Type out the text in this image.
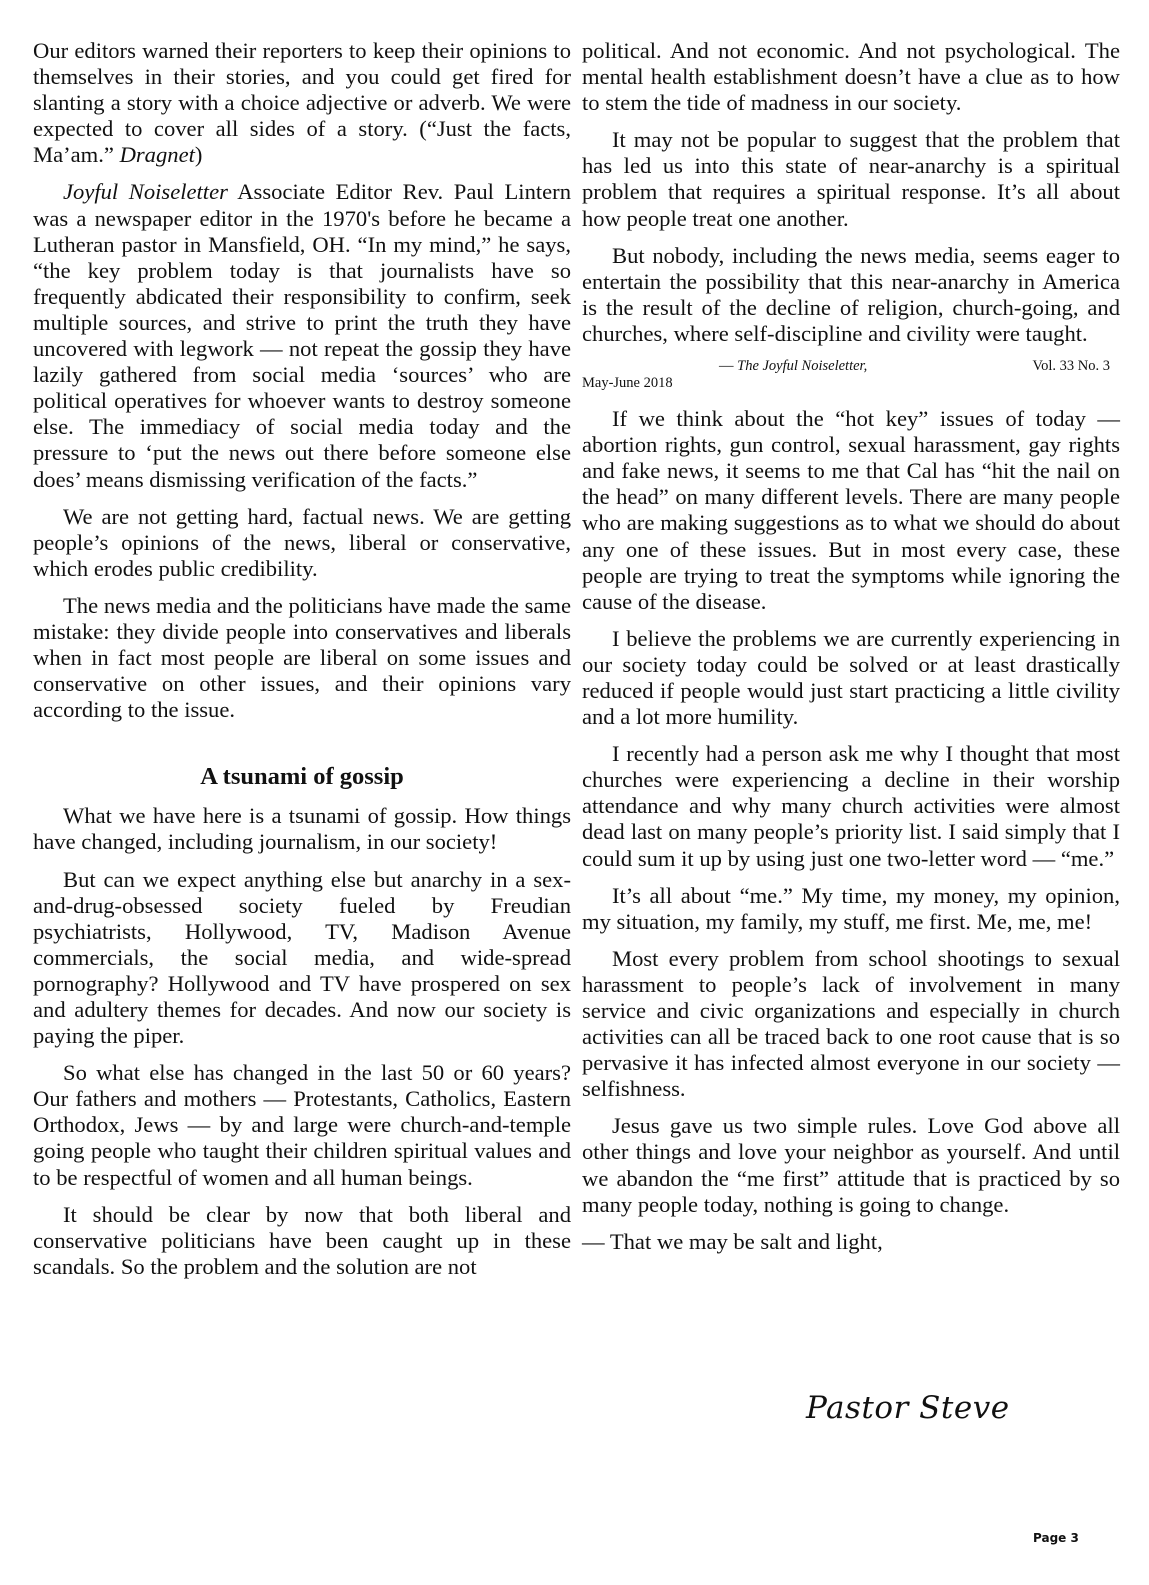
Our editors warned their reporters to keep their opinions to themselves in their stories, and you could get fired for slanting a story with a choice adjective or adverb. We were expected to cover all sides of a story. (“Just the facts, Ma’am.” Dragnet)

Joyful Noiseletter Associate Editor Rev. Paul Lintern was a newspaper editor in the 1970's before he became a Lutheran pastor in Mansfield, OH. “In my mind,” he says, “the key problem today is that journalists have so frequently abdicated their responsibility to confirm, seek multiple sources, and strive to print the truth they have uncovered with legwork — not repeat the gossip they have lazily gathered from social media ‘sources’ who are political operatives for whoever wants to destroy someone else. The immediacy of social media today and the pressure to ‘put the news out there before someone else does’ means dismissing verification of the facts.”

We are not getting hard, factual news. We are getting people’s opinions of the news, liberal or conservative, which erodes public credibility.

The news media and the politicians have made the same mistake: they divide people into conservatives and liberals when in fact most people are liberal on some issues and conservative on other issues, and their opinions vary according to the issue.

A tsunami of gossip

What we have here is a tsunami of gossip. How things have changed, including journalism, in our society!

But can we expect anything else but anarchy in a sex-and-drug-obsessed society fueled by Freudian psychiatrists, Hollywood, TV, Madison Avenue commercials, the social media, and wide-spread pornography? Hollywood and TV have prospered on sex and adultery themes for decades. And now our society is paying the piper.

So what else has changed in the last 50 or 60 years? Our fathers and mothers — Protestants, Catholics, Eastern Orthodox, Jews — by and large were church-and-temple going people who taught their children spiritual values and to be respectful of women and all human beings.

It should be clear by now that both liberal and conservative politicians have been caught up in these scandals. So the problem and the solution are not

political. And not economic. And not psychological. The mental health establishment doesn’t have a clue as to how to stem the tide of madness in our society.

It may not be popular to suggest that the problem that has led us into this state of near-anarchy is a spiritual problem that requires a spiritual response. It’s all about how people treat one another.

But nobody, including the news media, seems eager to entertain the possibility that this near-anarchy in America is the result of the decline of religion, church-going, and churches, where self-discipline and civility were taught.

— The Joyful Noiseletter,	Vol. 33 No. 3
May-June 2018

If we think about the “hot key” issues of today — abortion rights, gun control, sexual harassment, gay rights and fake news, it seems to me that Cal has “hit the nail on the head” on many different levels. There are many people who are making suggestions as to what we should do about any one of these issues. But in most every case, these people are trying to treat the symptoms while ignoring the cause of the disease.

I believe the problems we are currently experiencing in our society today could be solved or at least drastically reduced if people would just start practicing a little civility and a lot more humility.

I recently had a person ask me why I thought that most churches were experiencing a decline in their worship attendance and why many church activities were almost dead last on many people’s priority list. I said simply that I could sum it up by using just one two-letter word — “me.”

It’s all about “me.” My time, my money, my opinion, my situation, my family, my stuff, me first. Me, me, me!

Most every problem from school shootings to sexual harassment to people’s lack of involvement in many service and civic organizations and especially in church activities can all be traced back to one root cause that is so pervasive it has infected almost everyone in our society — selfishness.

Jesus gave us two simple rules. Love God above all other things and love your neighbor as yourself. And until we abandon the “me first” attitude that is practiced by so many people today, nothing is going to change.

— That we may be salt and light,

Pastor Steve
Page 3
